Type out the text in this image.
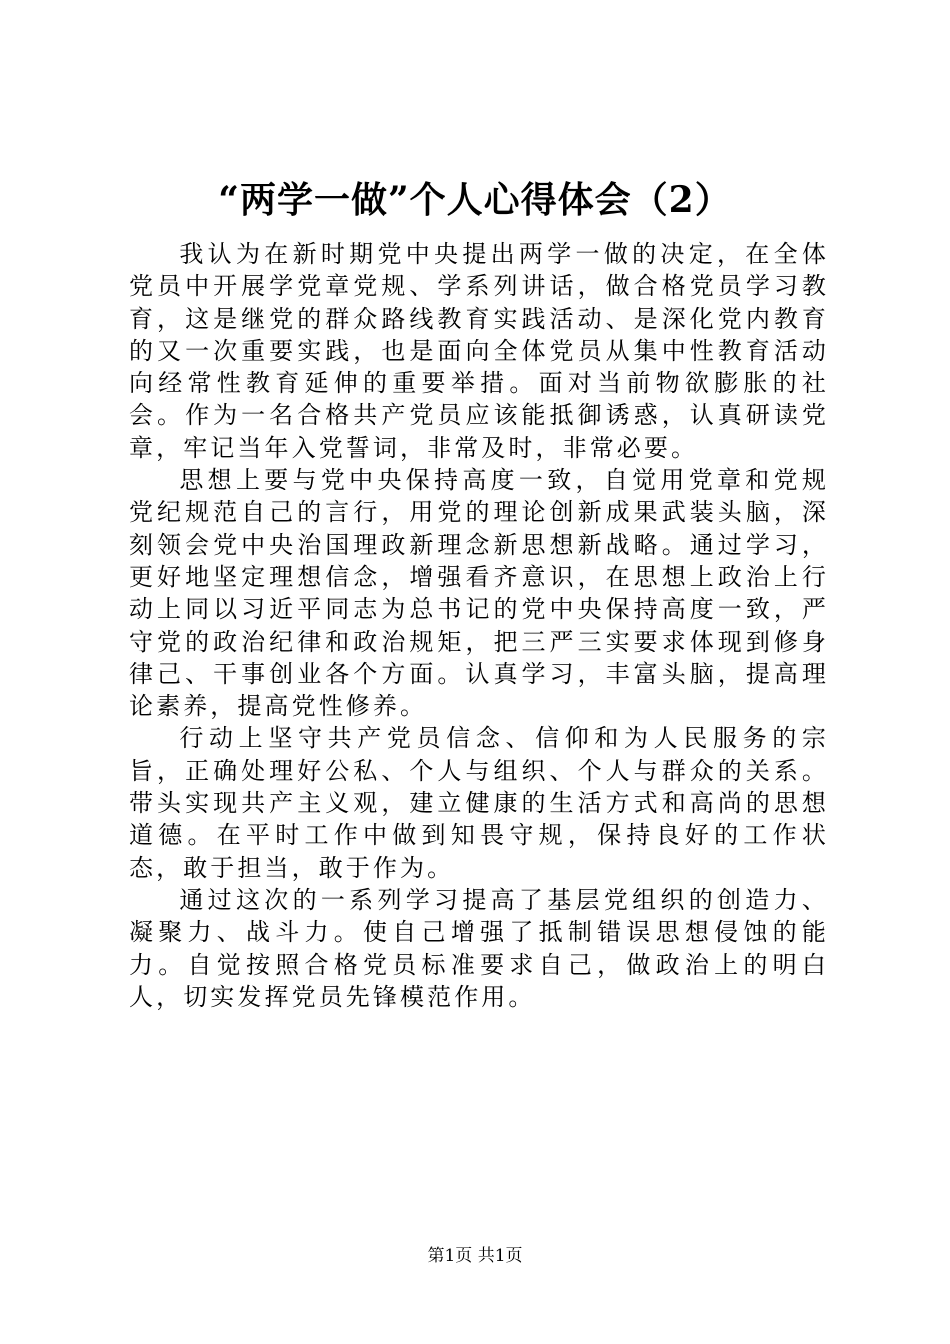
“两学一做”个人心得体会（2）

我认为在新时期党中央提出两学一做的决定，在全体党员中开展学党章党规、学系列讲话，做合格党员学习教育，这是继党的群众路线教育实践活动、是深化党内教育的又一次重要实践，也是面向全体党员从集中性教育活动向经常性教育延伸的重要举措。面对当前物欲膨胀的社会。作为一名合格共产党员应该能抵御诱惑，认真研读党章，牢记当年入党誓词，非常及时，非常必要。

思想上要与党中央保持高度一致，自觉用党章和党规党纪规范自己的言行，用党的理论创新成果武装头脑，深刻领会党中央治国理政新理念新思想新战略。通过学习，更好地坚定理想信念，增强看齐意识，在思想上政治上行动上同以习近平同志为总书记的党中央保持高度一致，严守党的政治纪律和政治规矩，把三严三实要求体现到修身律己、干事创业各个方面。认真学习，丰富头脑，提高理论素养，提高党性修养。

行动上坚守共产党员信念、信仰和为人民服务的宗旨，正确处理好公私、个人与组织、个人与群众的关系。带头实现共产主义观，建立健康的生活方式和高尚的思想道德。在平时工作中做到知畏守规，保持良好的工作状态，敢于担当，敢于作为。

通过这次的一系列学习提高了基层党组织的创造力、凝聚力、战斗力。使自己增强了抵制错误思想侵蚀的能力。自觉按照合格党员标准要求自己，做政治上的明白人，切实发挥党员先锋模范作用。

第1页 共1页
